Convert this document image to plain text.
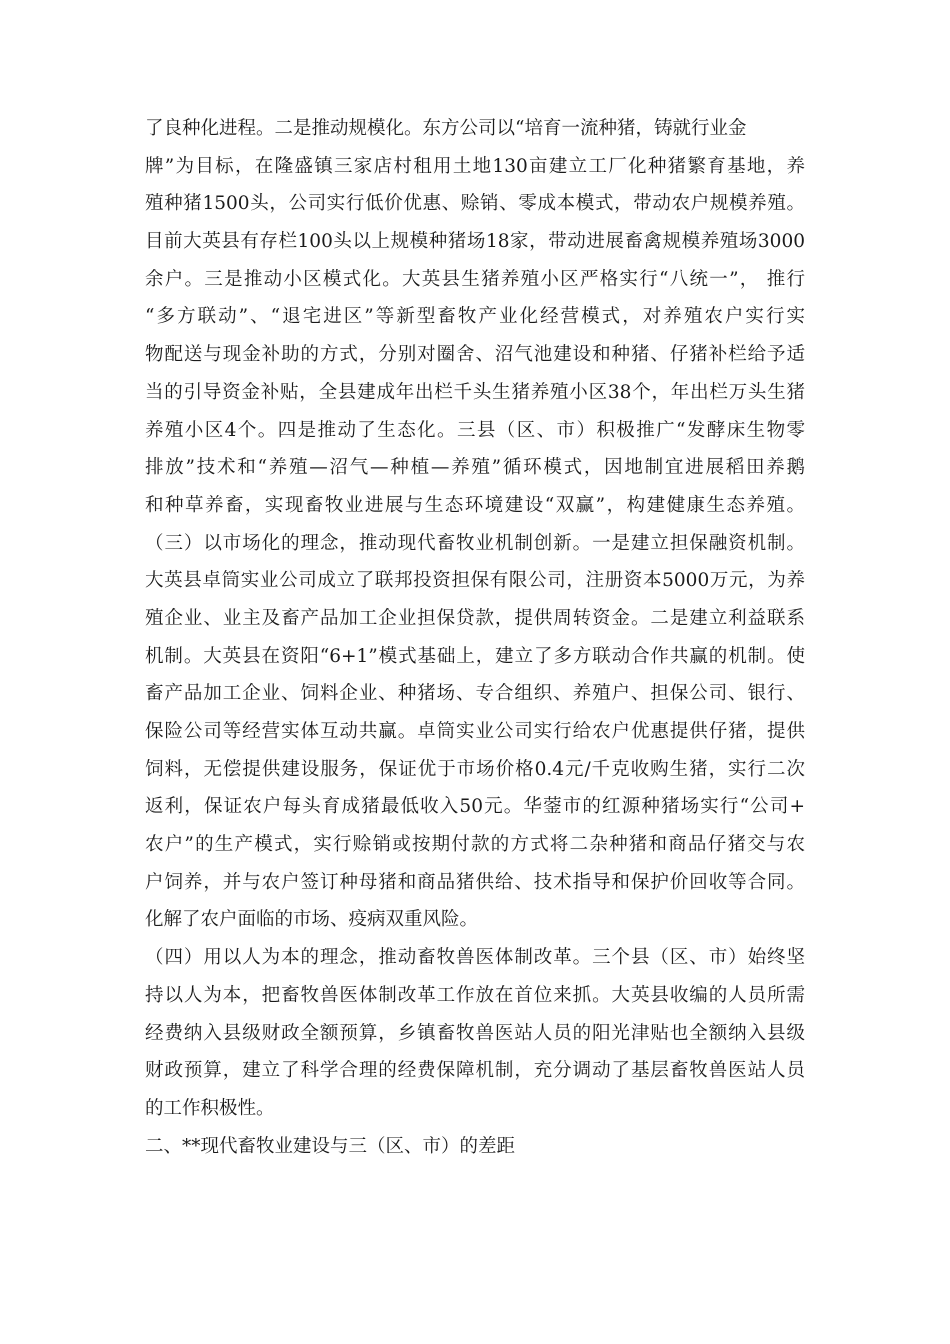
了良种化进程。二是推动规模化。东方公司以“培育一流种猪，铸就行业金
牌”为目标，在隆盛镇三家店村租用土地130亩建立工厂化种猪繁育基地，养
殖种猪1500头，公司实行低价优惠、赊销、零成本模式，带动农户规模养殖。
目前大英县有存栏100头以上规模种猪场18家，带动进展畜禽规模养殖场3000
余户。三是推动小区模式化。大英县生猪养殖小区严格实行“八统一”， 推行
“多方联动”、“退宅进区”等新型畜牧产业化经营模式，对养殖农户实行实
物配送与现金补助的方式，分别对圈舍、沼气池建设和种猪、仔猪补栏给予适
当的引导资金补贴，全县建成年出栏千头生猪养殖小区38个，年出栏万头生猪
养殖小区4个。四是推动了生态化。三县（区、市）积极推广“发酵床生物零
排放”技术和“养殖—沼气—种植—养殖”循环模式，因地制宜进展稻田养鹅
和种草养畜，实现畜牧业进展与生态环境建设“双赢”，构建健康生态养殖。
（三）以市场化的理念，推动现代畜牧业机制创新。一是建立担保融资机制。
大英县卓筒实业公司成立了联邦投资担保有限公司，注册资本5000万元，为养
殖企业、业主及畜产品加工企业担保贷款，提供周转资金。二是建立利益联系
机制。大英县在资阳“6+1”模式基础上，建立了多方联动合作共赢的机制。使
畜产品加工企业、饲料企业、种猪场、专合组织、养殖户、担保公司、银行、
保险公司等经营实体互动共赢。卓筒实业公司实行给农户优惠提供仔猪，提供
饲料，无偿提供建设服务，保证优于市场价格0.4元/千克收购生猪，实行二次
返利，保证农户每头育成猪最低收入50元。华蓥市的红源种猪场实行“公司+
农户”的生产模式，实行赊销或按期付款的方式将二杂种猪和商品仔猪交与农
户饲养，并与农户签订种母猪和商品猪供给、技术指导和保护价回收等合同。
化解了农户面临的市场、疫病双重风险。
（四）用以人为本的理念，推动畜牧兽医体制改革。三个县（区、市）始终坚
持以人为本，把畜牧兽医体制改革工作放在首位来抓。大英县收编的人员所需
经费纳入县级财政全额预算，乡镇畜牧兽医站人员的阳光津贴也全额纳入县级
财政预算，建立了科学合理的经费保障机制，充分调动了基层畜牧兽医站人员
的工作积极性。
二、**现代畜牧业建设与三（区、市）的差距
